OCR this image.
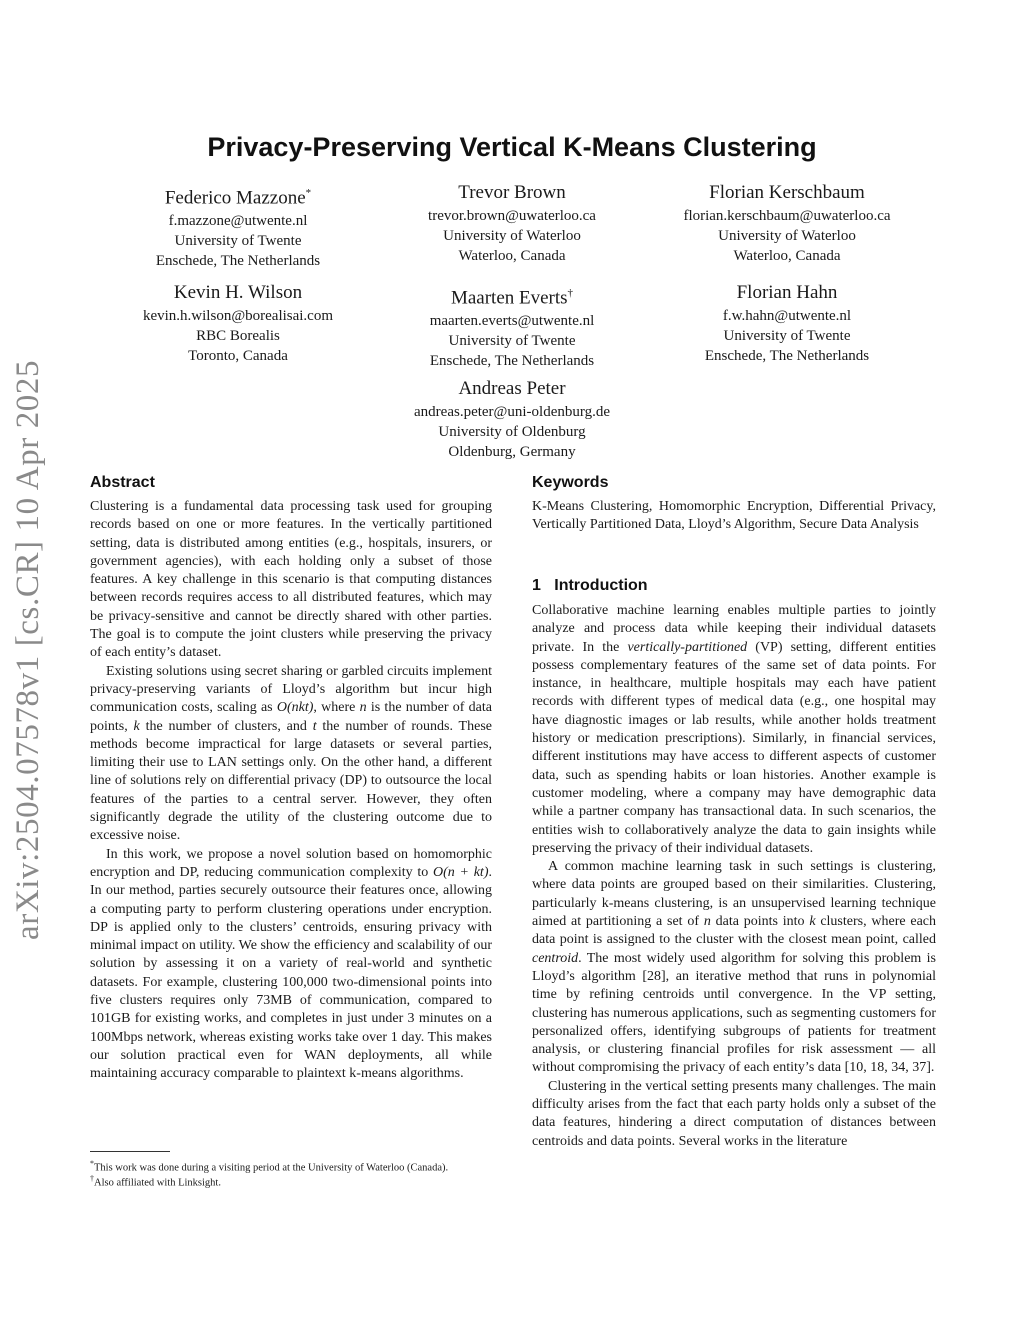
arXiv:2504.07578v1 [cs.CR] 10 Apr 2025
Privacy-Preserving Vertical K-Means Clustering
Federico Mazzone*
f.mazzone@utwente.nl
University of Twente
Enschede, The Netherlands
Trevor Brown
trevor.brown@uwaterloo.ca
University of Waterloo
Waterloo, Canada
Florian Kerschbaum
florian.kerschbaum@uwaterloo.ca
University of Waterloo
Waterloo, Canada
Kevin H. Wilson
kevin.h.wilson@borealisai.com
RBC Borealis
Toronto, Canada
Maarten Everts†
maarten.everts@utwente.nl
University of Twente
Enschede, The Netherlands
Florian Hahn
f.w.hahn@utwente.nl
University of Twente
Enschede, The Netherlands
Andreas Peter
andreas.peter@uni-oldenburg.de
University of Oldenburg
Oldenburg, Germany
Abstract

Clustering is a fundamental data processing task used for grouping records based on one or more features. In the vertically partitioned setting, data is distributed among entities (e.g., hospitals, insurers, or government agencies), with each holding only a subset of those features. A key challenge in this scenario is that computing distances between records requires access to all distributed features, which may be privacy-sensitive and cannot be directly shared with other parties. The goal is to compute the joint clusters while preserving the privacy of each entity’s dataset.

Existing solutions using secret sharing or garbled circuits implement privacy-preserving variants of Lloyd’s algorithm but incur high communication costs, scaling as O(nkt), where n is the number of data points, k the number of clusters, and t the number of rounds. These methods become impractical for large datasets or several parties, limiting their use to LAN settings only. On the other hand, a different line of solutions rely on differential privacy (DP) to outsource the local features of the parties to a central server. However, they often significantly degrade the utility of the clustering outcome due to excessive noise.

In this work, we propose a novel solution based on homomorphic encryption and DP, reducing communication complexity to O(n + kt). In our method, parties securely outsource their features once, allowing a computing party to perform clustering operations under encryption. DP is applied only to the clusters’ centroids, ensuring privacy with minimal impact on utility. We show the efficiency and scalability of our solution by assessing it on a variety of real-world and synthetic datasets. For example, clustering 100,000 two-dimensional points into five clusters requires only 73MB of communication, compared to 101GB for existing works, and completes in just under 3 minutes on a 100Mbps network, whereas existing works take over 1 day. This makes our solution practical even for WAN deployments, all while maintaining accuracy comparable to plaintext k-means algorithms.

*This work was done during a visiting period at the University of Waterloo (Canada).
†Also affiliated with Linksight.
Keywords

K-Means Clustering, Homomorphic Encryption, Differential Privacy, Vertically Partitioned Data, Lloyd’s Algorithm, Secure Data Analysis

1 Introduction

Collaborative machine learning enables multiple parties to jointly analyze and process data while keeping their individual datasets private. In the vertically-partitioned (VP) setting, different entities possess complementary features of the same set of data points. For instance, in healthcare, multiple hospitals may each have patient records with different types of medical data (e.g., one hospital may have diagnostic images or lab results, while another holds treatment history or medication prescriptions). Similarly, in financial services, different institutions may have access to different aspects of customer data, such as spending habits or loan histories. Another example is customer modeling, where a company may have demographic data while a partner company has transactional data. In such scenarios, the entities wish to collaboratively analyze the data to gain insights while preserving the privacy of their individual datasets.

A common machine learning task in such settings is clustering, where data points are grouped based on their similarities. Clustering, particularly k-means clustering, is an unsupervised learning technique aimed at partitioning a set of n data points into k clusters, where each data point is assigned to the cluster with the closest mean point, called centroid. The most widely used algorithm for solving this problem is Lloyd’s algorithm [28], an iterative method that runs in polynomial time by refining centroids until convergence. In the VP setting, clustering has numerous applications, such as segmenting customers for personalized offers, identifying subgroups of patients for treatment analysis, or clustering financial profiles for risk assessment — all without compromising the privacy of each entity’s data [10, 18, 34, 37].

Clustering in the vertical setting presents many challenges. The main difficulty arises from the fact that each party holds only a subset of the data features, hindering a direct computation of distances between centroids and data points. Several works in the literature
